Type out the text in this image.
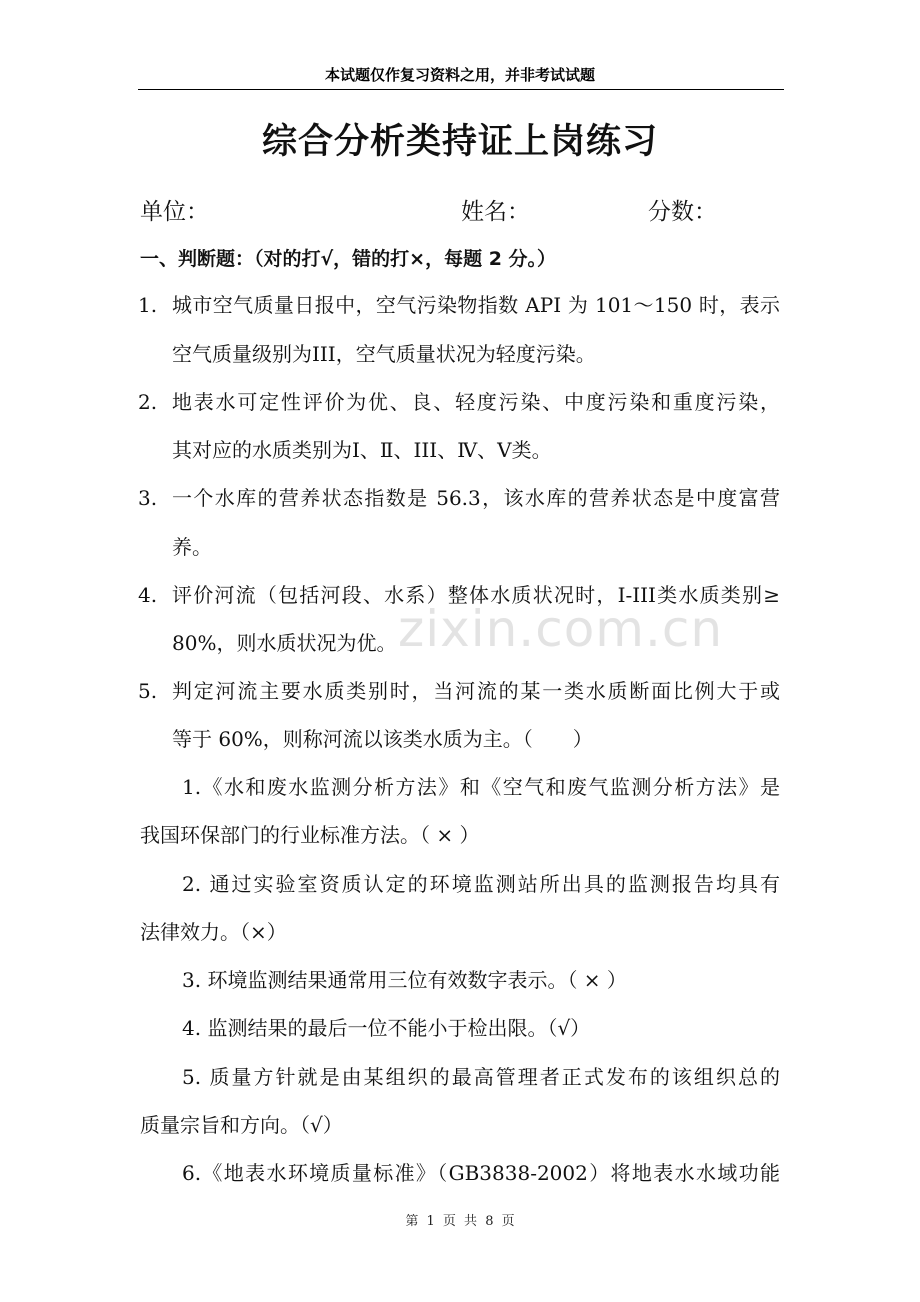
本试题仅作复习资料之用，并非考试试题
zixin.com.cn
综合分析类持证上岗练习
单位：	姓名：	分数：
一、判断题：（对的打√，错的打×，每题 2 分。）
1. 城市空气质量日报中，空气污染物指数 API 为 101～150 时，表示
空气质量级别为III，空气质量状况为轻度污染。
2. 地表水可定性评价为优、良、轻度污染、中度污染和重度污染，
其对应的水质类别为Ⅰ、Ⅱ、III、Ⅳ、Ⅴ类。
3. 一个水库的营养状态指数是 56.3，该水库的营养状态是中度富营
养。
4. 评价河流（包括河段、水系）整体水质状况时，I-III类水质类别≥
80%，则水质状况为优。
5. 判定河流主要水质类别时，当河流的某一类水质断面比例大于或
等于 60%，则称河流以该类水质为主。（　　）
1.《水和废水监测分析方法》和《空气和废气监测分析方法》是
我国环保部门的行业标准方法。（ × ）
2. 通过实验室资质认定的环境监测站所出具的监测报告均具有
法律效力。（×）
3. 环境监测结果通常用三位有效数字表示。（ × ）
4. 监测结果的最后一位不能小于检出限。（√）
5. 质量方针就是由某组织的最高管理者正式发布的该组织总的
质量宗旨和方向。（√）
6.《地表水环境质量标准》（GB3838-2002）将地表水水域功能
第 1 页 共 8 页
